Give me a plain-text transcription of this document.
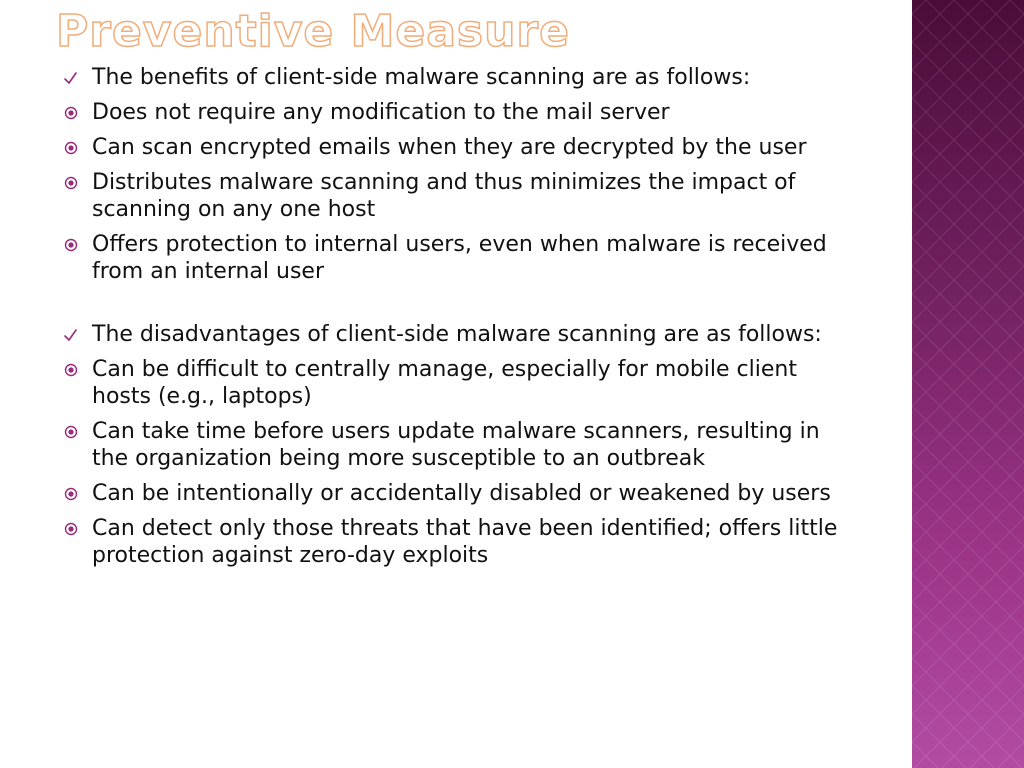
Preventive Measure
The benefits of client-side malware scanning are as follows:
Does not require any modification to the mail server
Can scan encrypted emails when they are decrypted by the user
Distributes malware scanning and thus minimizes the impact of scanning on any one host
Offers protection to internal users, even when malware is received from an internal user
The disadvantages of client-side malware scanning are as follows:
Can be difficult to centrally manage, especially for mobile client hosts (e.g., laptops)
Can take time before users update malware scanners, resulting in the organization being more susceptible to an outbreak
Can be intentionally or accidentally disabled or weakened by users
Can detect only those threats that have been identified; offers little protection against zero-day exploits
